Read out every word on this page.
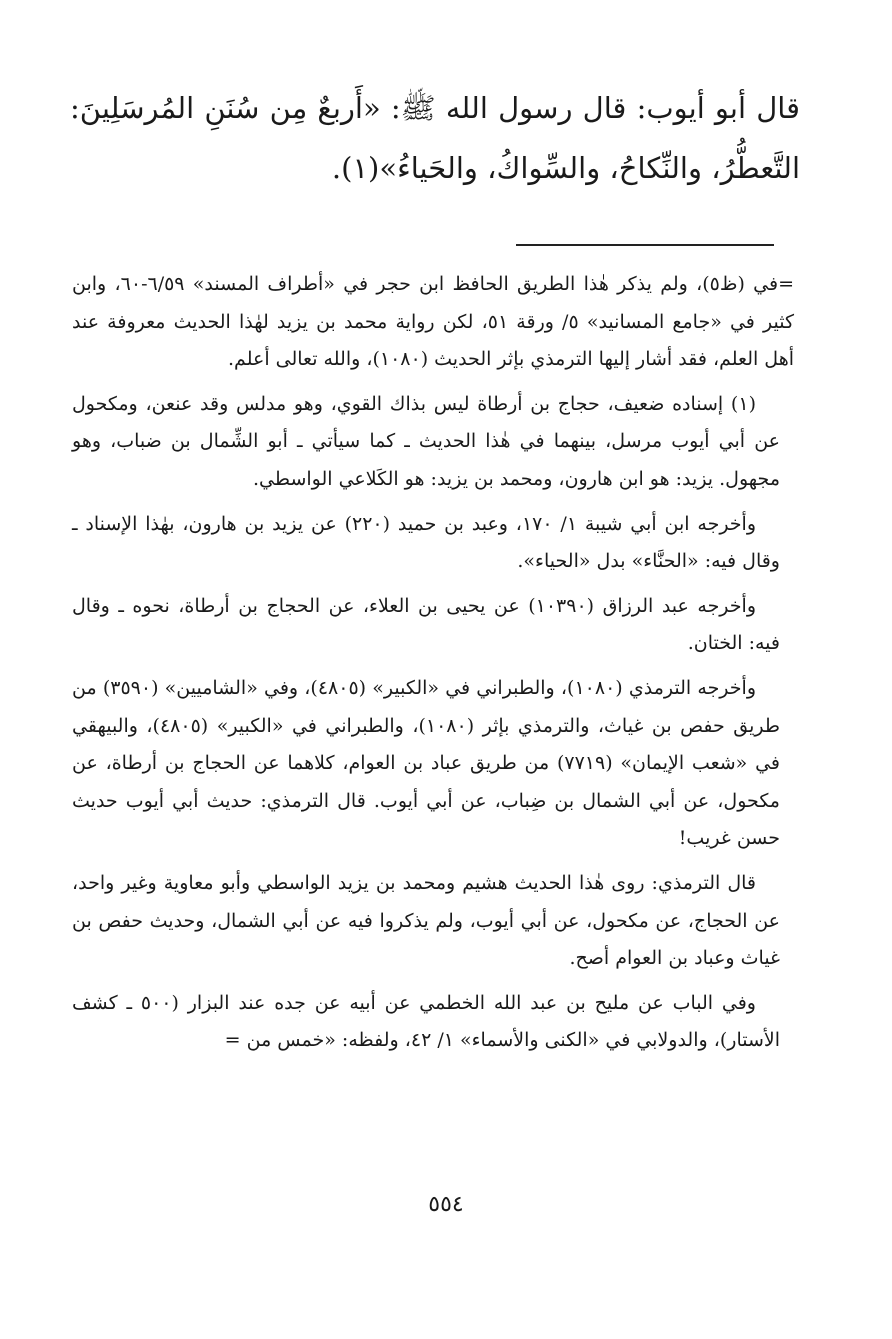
قال أبو أيوب: قال رسول الله ﷺ: «أَربعٌ مِن سُنَنِ المُرسَلِينَ: التَّعطُّرُ، والنِّكاحُ، والسِّواكُ، والحَياءُ»(١).

=في (ظ٥)، ولم يذكر هٰذا الطريق الحافظ ابن حجر في «أطراف المسند» ٦/٥٩-٦٠، وابن كثير في «جامع المسانيد» ٥/ ورقة ٥١، لكن رواية محمد بن يزيد لهٰذا الحديث معروفة عند أهل العلم، فقد أشار إليها الترمذي بإثر الحديث (١٠٨٠)، والله تعالى أعلم.

(١) إسناده ضعيف، حجاج بن أرطاة ليس بذاك القوي، وهو مدلس وقد عنعن، ومكحول عن أبي أيوب مرسل، بينهما في هٰذا الحديث ـ كما سيأتي ـ أبو الشِّمال بن ضباب، وهو مجهول. يزيد: هو ابن هارون، ومحمد بن يزيد: هو الكَلاعي الواسطي.

وأخرجه ابن أبي شيبة ١/ ١٧٠، وعبد بن حميد (٢٢٠) عن يزيد بن هارون، بهٰذا الإسناد ـ وقال فيه: «الحنَّاء» بدل «الحياء».

وأخرجه عبد الرزاق (١٠٣٩٠) عن يحيى بن العلاء، عن الحجاج بن أرطاة، نحوه ـ وقال فيه: الختان.

وأخرجه الترمذي (١٠٨٠)، والطبراني في «الكبير» (٤٨٠٥)، وفي «الشاميين» (٣٥٩٠) من طريق حفص بن غياث، والترمذي بإثر (١٠٨٠)، والطبراني في «الكبير» (٤٨٠٥)، والبيهقي في «شعب الإيمان» (٧٧١٩) من طريق عباد بن العوام، كلاهما عن الحجاج بن أرطاة، عن مكحول، عن أبي الشمال بن ضِباب، عن أبي أيوب. قال الترمذي: حديث أبي أيوب حديث حسن غريب!

قال الترمذي: روى هٰذا الحديث هشيم ومحمد بن يزيد الواسطي وأبو معاوية وغير واحد، عن الحجاج، عن مكحول، عن أبي أيوب، ولم يذكروا فيه عن أبي الشمال، وحديث حفص بن غياث وعباد بن العوام أصح.

وفي الباب عن مليح بن عبد الله الخطمي عن أبيه عن جده عند البزار (٥٠٠ ـ كشف الأستار)، والدولابي في «الكنى والأسماء» ١/ ٤٢، ولفظه: «خمس من =

٥٥٤
